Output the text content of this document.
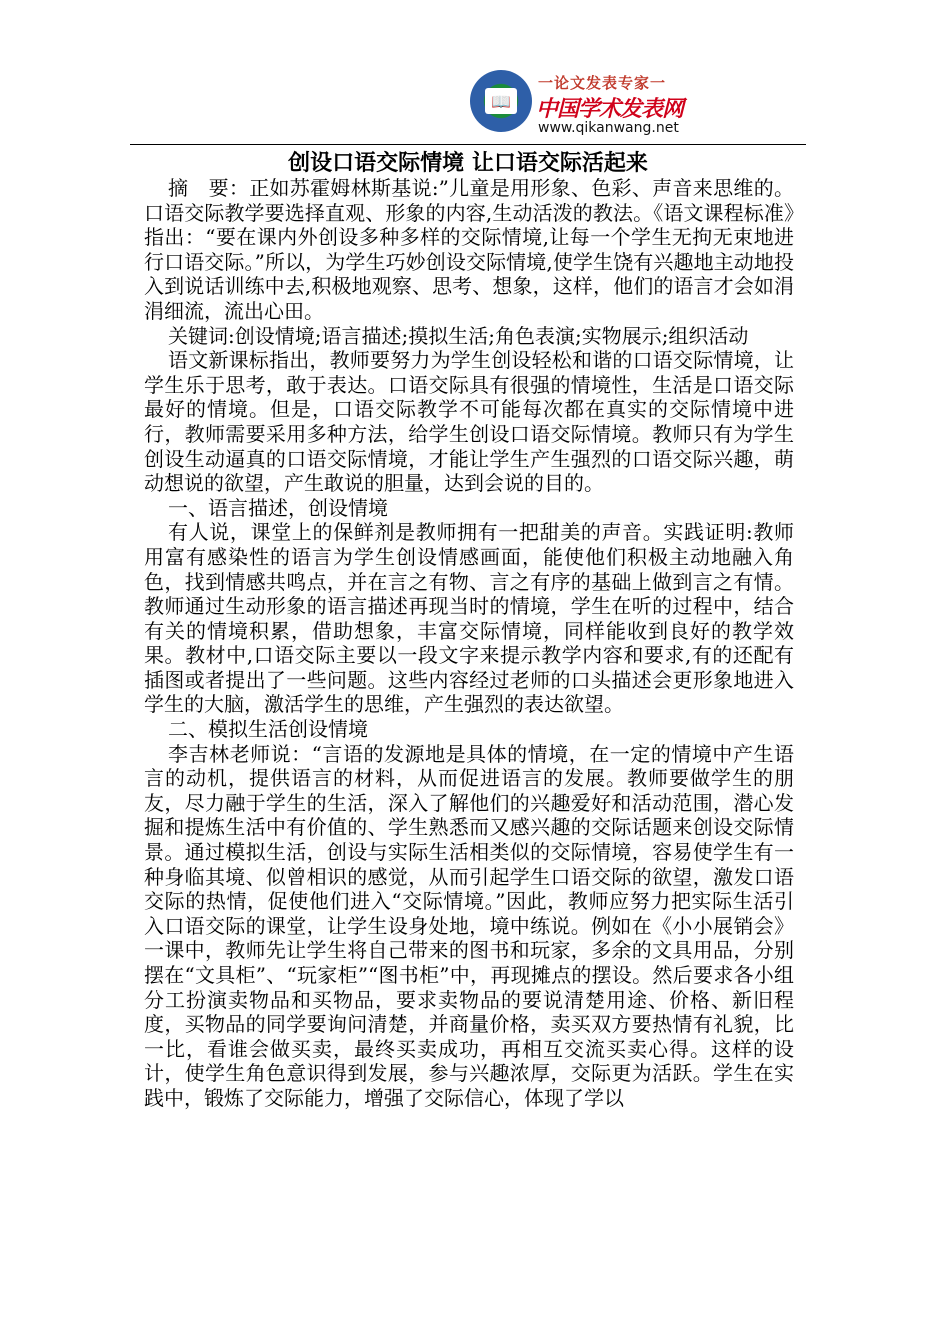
📖
一论文发表专家一
中国学术发表网
www.qikanwang.net
创设口语交际情境 让口语交际活起来

摘　要：正如苏霍姆林斯基说:”儿童是用形象、色彩、声音来思维的。口语交际教学要选择直观、形象的内容,生动活泼的教法。《语文课程标准》指出：“要在课内外创设多种多样的交际情境,让每一个学生无拘无束地进行口语交际。”所以，为学生巧妙创设交际情境,使学生饶有兴趣地主动地投入到说话训练中去,积极地观察、思考、想象，这样，他们的语言才会如涓涓细流，流出心田。

关键词:创设情境;语言描述;摸拟生活;角色表演;实物展示;组织活动

语文新课标指出，教师要努力为学生创设轻松和谐的口语交际情境，让学生乐于思考，敢于表达。口语交际具有很强的情境性，生活是口语交际最好的情境。但是，口语交际教学不可能每次都在真实的交际情境中进行，教师需要采用多种方法，给学生创设口语交际情境。教师只有为学生创设生动逼真的口语交际情境，才能让学生产生强烈的口语交际兴趣，萌动想说的欲望，产生敢说的胆量，达到会说的目的。

一、语言描述，创设情境

有人说，课堂上的保鲜剂是教师拥有一把甜美的声音。实践证明:教师用富有感染性的语言为学生创设情感画面，能使他们积极主动地融入角色，找到情感共鸣点，并在言之有物、言之有序的基础上做到言之有情。教师通过生动形象的语言描述再现当时的情境，学生在听的过程中，结合有关的情境积累，借助想象，丰富交际情境，同样能收到良好的教学效果。教材中,口语交际主要以一段文字来提示教学内容和要求,有的还配有插图或者提出了一些问题。这些内容经过老师的口头描述会更形象地进入学生的大脑，激活学生的思维，产生强烈的表达欲望。

二、模拟生活创设情境

李吉林老师说：“言语的发源地是具体的情境，在一定的情境中产生语言的动机，提供语言的材料，从而促进语言的发展。教师要做学生的朋友，尽力融于学生的生活，深入了解他们的兴趣爱好和活动范围，潜心发掘和提炼生活中有价值的、学生熟悉而又感兴趣的交际话题来创设交际情景。通过模拟生活，创设与实际生活相类似的交际情境，容易使学生有一种身临其境、似曾相识的感觉，从而引起学生口语交际的欲望，激发口语交际的热情，促使他们进入“交际情境。”因此，教师应努力把实际生活引入口语交际的课堂，让学生设身处地，境中练说。例如在《小小展销会》一课中，教师先让学生将自己带来的图书和玩家，多余的文具用品，分别摆在“文具柜”、“玩家柜”“图书柜”中，再现摊点的摆设。然后要求各小组分工扮演卖物品和买物品，要求卖物品的要说清楚用途、价格、新旧程度，买物品的同学要询问清楚，并商量价格，卖买双方要热情有礼貌，比一比，看谁会做买卖，最终买卖成功，再相互交流买卖心得。这样的设计，使学生角色意识得到发展，参与兴趣浓厚，交际更为活跃。学生在实践中，锻炼了交际能力，增强了交际信心，体现了学以
